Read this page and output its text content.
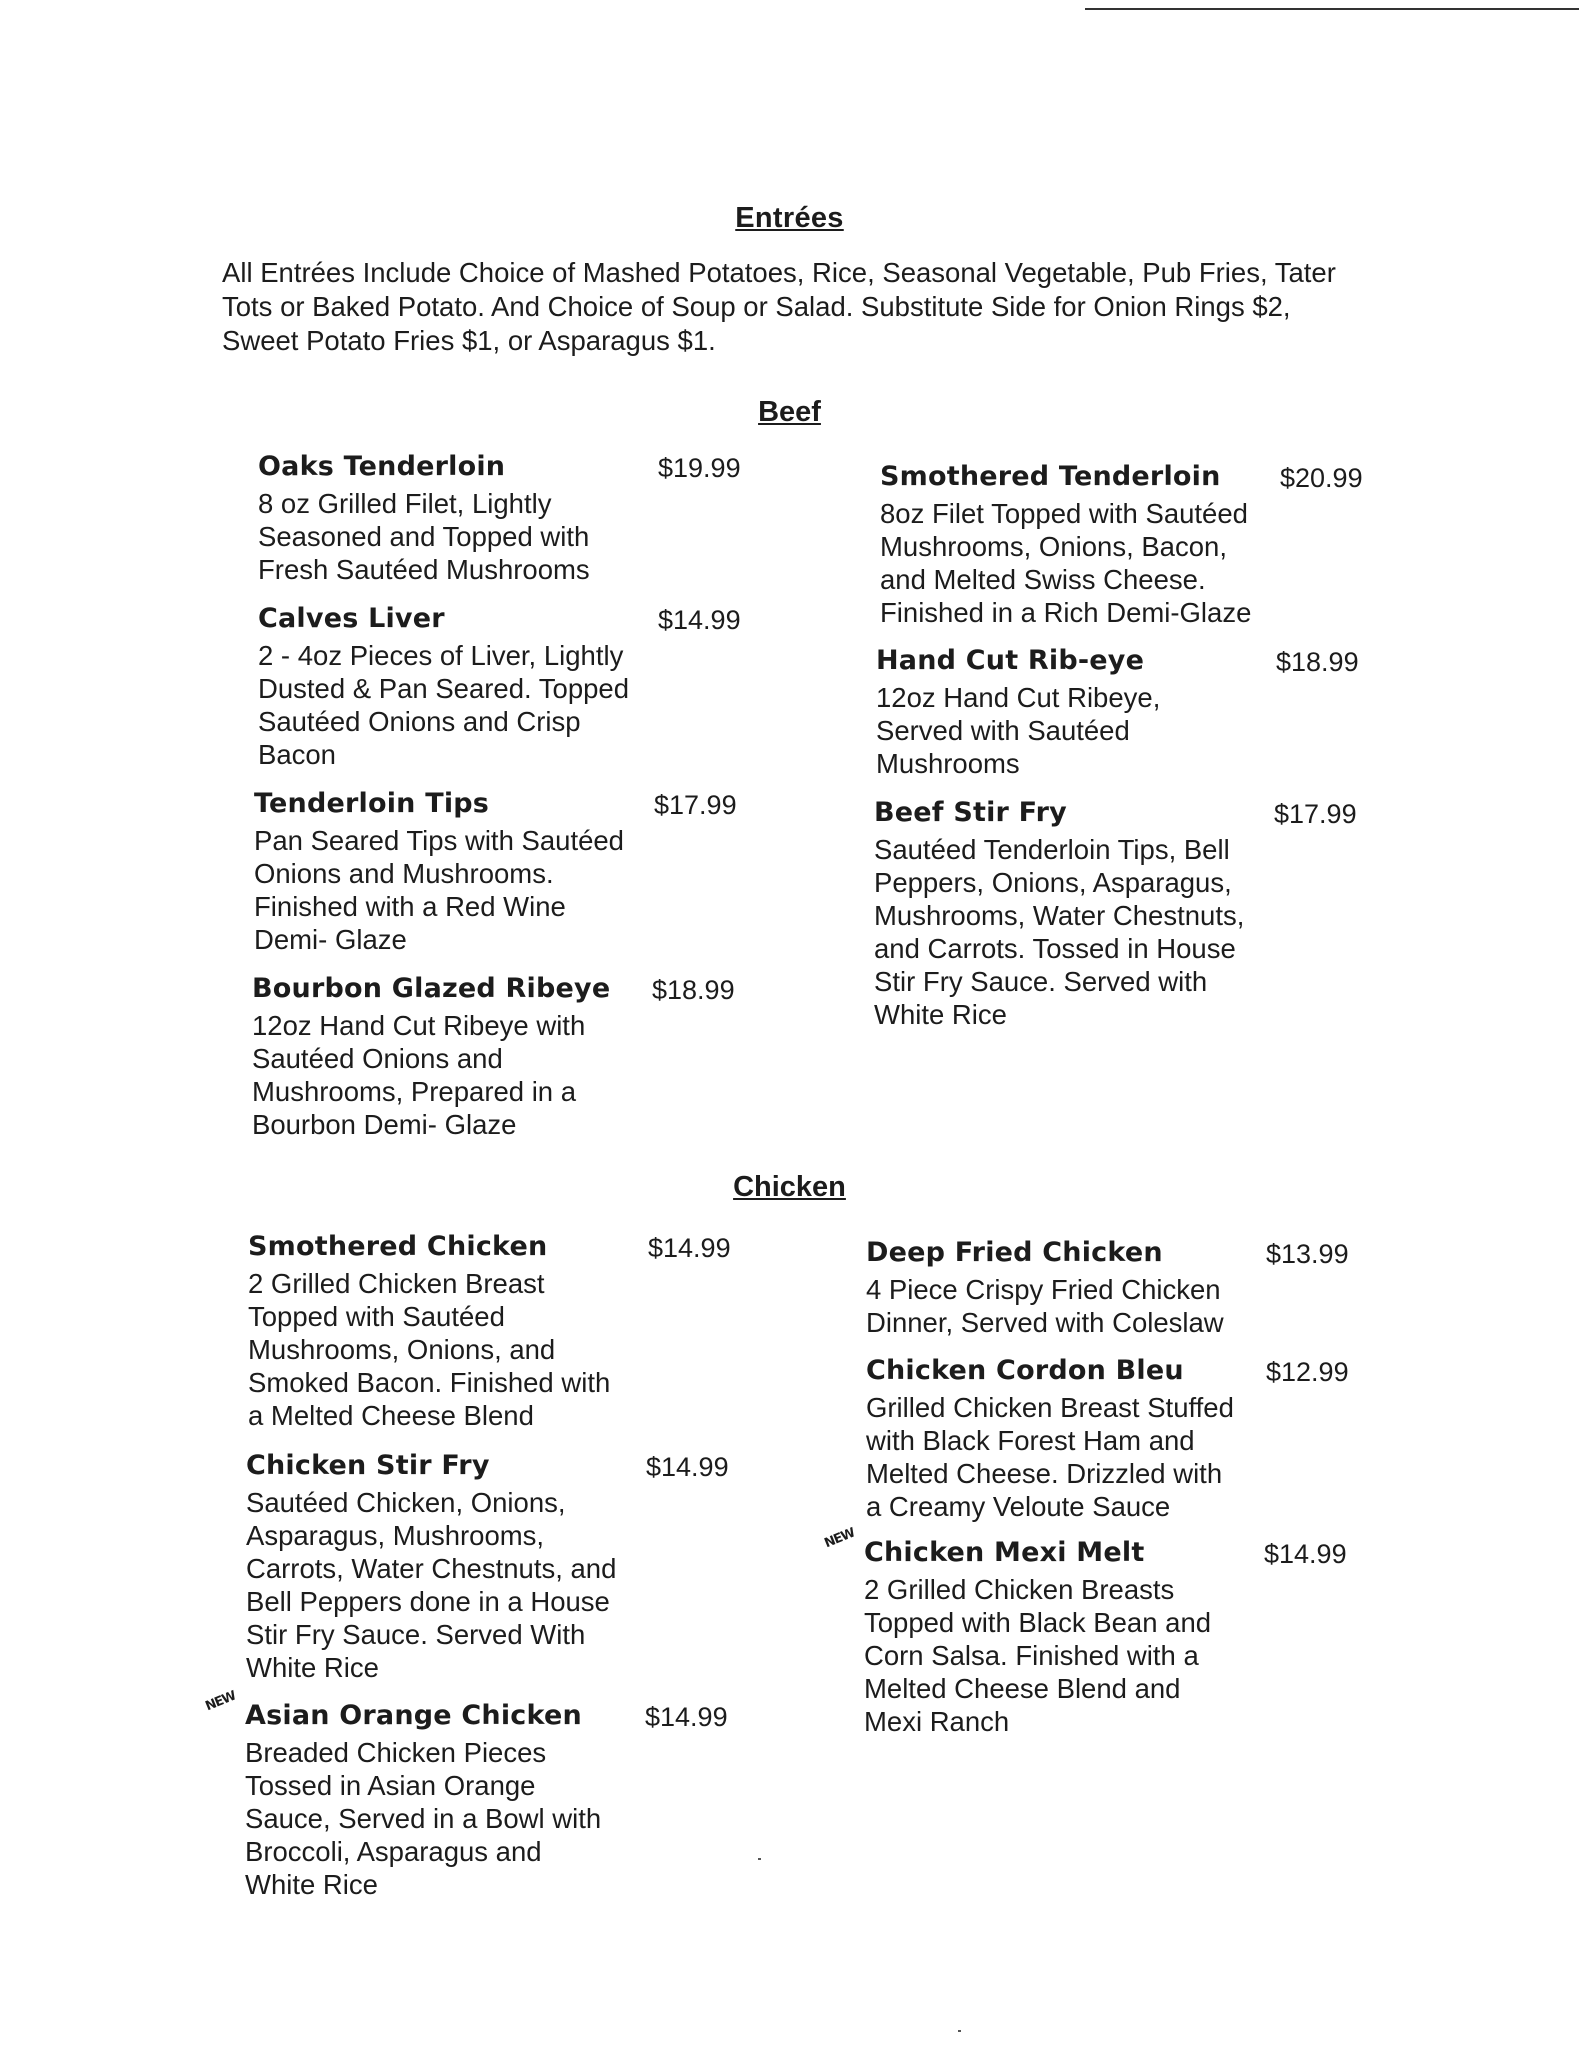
Entrées
All Entrées Include Choice of Mashed Potatoes, Rice, Seasonal Vegetable, Pub Fries, Tater Tots or Baked Potato. And Choice of Soup or Salad. Substitute Side for Onion Rings $2, Sweet Potato Fries $1, or Asparagus $1.
Beef
Oaks Tenderloin	$19.99
8 oz Grilled Filet, Lightly
Seasoned and Topped with
Fresh Sautéed Mushrooms
Calves Liver	$14.99
2 - 4oz Pieces of Liver, Lightly
Dusted & Pan Seared. Topped
Sautéed Onions and Crisp
Bacon
Tenderloin Tips	$17.99
Pan Seared Tips with Sautéed
Onions and Mushrooms.
Finished with a Red Wine
Demi- Glaze
Bourbon Glazed Ribeye $18.99
12oz Hand Cut Ribeye with
Sautéed Onions and
Mushrooms, Prepared in a
Bourbon Demi- Glaze
Smothered Tenderloin $20.99
8oz Filet Topped with Sautéed
Mushrooms, Onions, Bacon,
and Melted Swiss Cheese.
Finished in a Rich Demi-Glaze
Hand Cut Rib-eye	$18.99
12oz Hand Cut Ribeye,
Served with Sautéed
Mushrooms
Beef Stir Fry	$17.99
Sautéed Tenderloin Tips, Bell
Peppers, Onions, Asparagus,
Mushrooms, Water Chestnuts,
and Carrots. Tossed in House
Stir Fry Sauce. Served with
White Rice
Chicken
Smothered Chicken	$14.99
2 Grilled Chicken Breast
Topped with Sautéed
Mushrooms, Onions, and
Smoked Bacon. Finished with
a Melted Cheese Blend
Chicken Stir Fry	$14.99
Sautéed Chicken, Onions,
Asparagus, Mushrooms,
Carrots, Water Chestnuts, and
Bell Peppers done in a House
Stir Fry Sauce. Served With
White Rice
NEW Asian Orange Chicken $14.99
Breaded Chicken Pieces
Tossed in Asian Orange
Sauce, Served in a Bowl with
Broccoli, Asparagus and
White Rice
Deep Fried Chicken	$13.99
4 Piece Crispy Fried Chicken
Dinner, Served with Coleslaw
Chicken Cordon Bleu	$12.99
Grilled Chicken Breast Stuffed
with Black Forest Ham and
Melted Cheese. Drizzled with
a Creamy Veloute Sauce
NEW Chicken Mexi Melt	$14.99
2 Grilled Chicken Breasts
Topped with Black Bean and
Corn Salsa. Finished with a
Melted Cheese Blend and
Mexi Ranch
